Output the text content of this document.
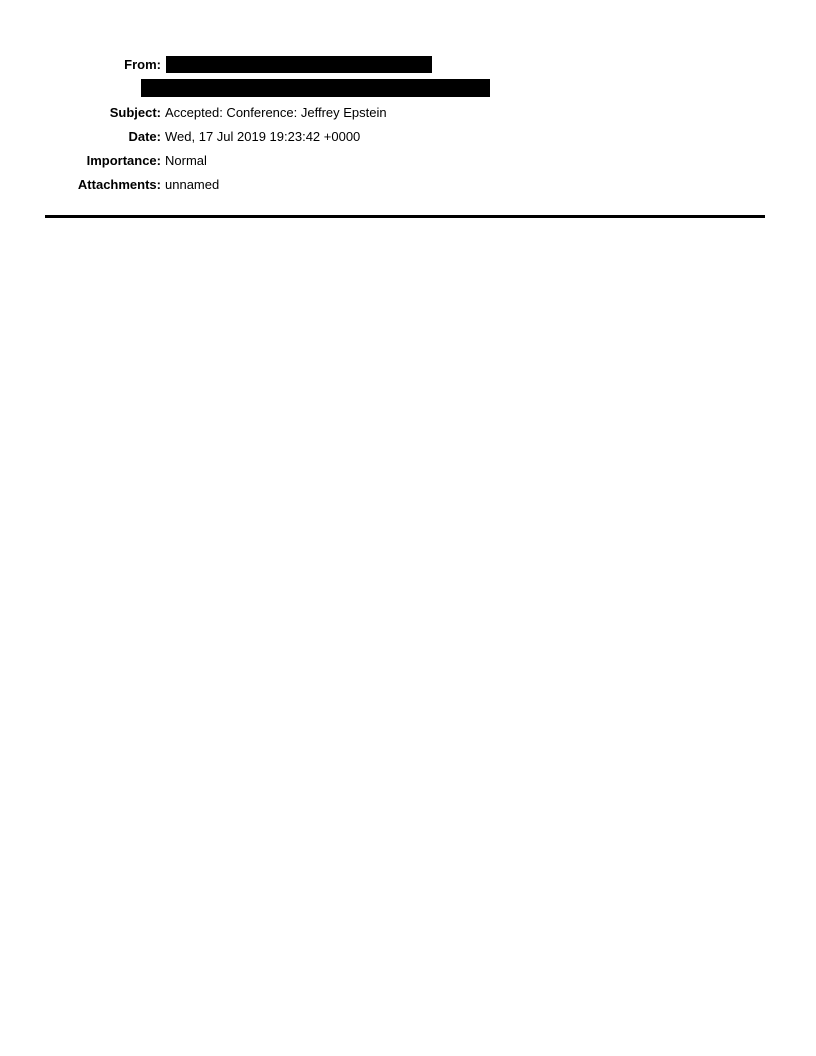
From:
Subject: Accepted: Conference: Jeffrey Epstein
Date: Wed, 17 Jul 2019 19:23:42 +0000
Importance: Normal
Attachments: unnamed
